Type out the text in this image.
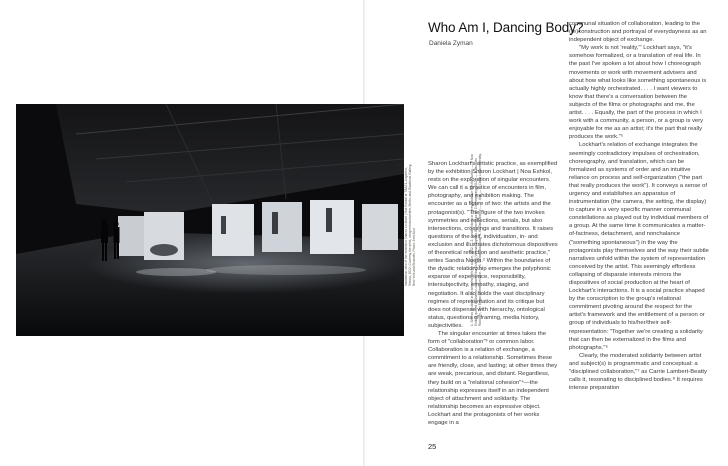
Installation view of the exhibition Sharon Lockhart | Noa Eshkol at TBA21–Augarten, Vienna, 2012. Courtesy the artist, neugerriemschneider, Berlin, and Gladstone Gallery, New York and Brussels. Photo: Jorit Aust	1. Sharon Lockhart in an interview with the author, 2012. — 2. Sandra Noeth in correspondence with the author. — 3. Noa Eshkol, quoted in Sharon Lockhart | Noa Eshkol (Vienna: Thyssen-Bornemisza Art Contemporary, 2012). — 4. Jacques Rancière, The Emancipated Spectator. — 5. Nicolas Bourriaud. — 6. Claire Bishop. — 7. Ibid. — 8. Carrie Lambert-Beatty.
Who Am I, Dancing Body?
Daniela Zyman

Sharon Lockhart's artistic practice, as exemplified by the exhibition Sharon Lockhart | Noa Eshkol, rests on the exploration of singular encounters. We can call it a practice of encounters in film, photography, and exhibition making. The encounter as a figure of two: the artists and the protagonist(s). "The figure of the two invokes symmetries and reflections, serials, but also intersections, crossings and transitions. It raises questions of the self, individuation, in- and exclusion and illustrates dichotomous dispositives of theoretical reflection and aesthetic practice," writes Sandra Noeth.² Within the boundaries of the dyadic relationship emerges the polyphonic expanse of experience, responsibility, intersubjectivity, empathy, staging, and negotiation. It also holds the vast disciplinary regimes of representation and its critique but does not dispense with hierarchy, ontological status, questions of framing, media history, subjectivities.

The singular encounter at times takes the form of "collaboration"³ or common labor. Collaboration is a relation of exchange, a commitment to a relationship. Sometimes these are friendly, close, and lasting; at other times they are weak, precarious, and distant. Regardless, they build on a "relational cohesion"⁴—the relationship expresses itself in an independent object of attachment and solidarity. The relationship becomes an expressive object. Lockhart and the protagonists of her works engage in a

communal situation of collaboration, leading to the (re)construction and portrayal of everydayness as an independent object of exchange.

"My work is not 'reality,'" Lockhart says, "it's somehow formalized, or a translation of real life. In the past I've spoken a lot about how I choreograph movements or work with movement advisers and about how what looks like something spontaneous is actually highly orchestrated. . . . I want viewers to know that there's a conversation between the subjects of the films or photographs and me, the artist. . . . Equally, the part of the process in which I work with a community, a person, or a group is very enjoyable for me as an artist; it's the part that really produces the work."⁵

Lockhart's relation of exchange integrates the seemingly contradictory impulses of orchestration, choreography, and translation, which can be formalized as systems of order and an intuitive reliance on process and self-organization ("the part that really produces the work"). It conveys a sense of urgency and establishes an apparatus of instrumentation (the camera, the setting, the display) to capture in a very specific manner communal constellations as played out by individual members of a group. At the same time it communicates a matter-of-factness, detachment, and nonchalance ("something spontaneous") in the way the protagonists play themselves and the way their subtle narratives unfold within the system of representation conceived by the artist. This seemingly effortless collapsing of disparate interests mirrors the dispositives of social production at the heart of Lockhart's interactions. It is a social practice shaped by the conscription to the group's relational commitment pivoting around the respect for the artist's framework and the entitlement of a person or group of individuals to his/her/their self-representation: "Together we're creating a solidarity that can then be externalized in the films and photographs."⁶

Clearly, the moderated solidarity between artist and subject(s) is programmatic and conceptual: a "disciplined collaboration,"⁷ as Carrie Lambert-Beatty calls it, resonating to disciplined bodies.⁸ It requires intense preparation

25
